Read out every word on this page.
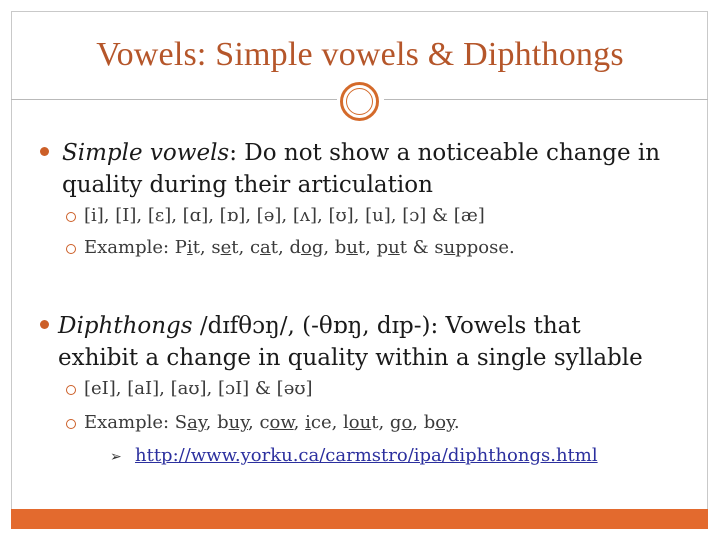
Vowels: Simple vowels & Diphthongs
Simple vowels: Do not show a noticeable change in
quality during their articulation
[i], [I], [ɛ], [ɑ], [ɒ], [ə], [ʌ], [ʊ], [u], [ɔ] & [æ]
Example: Pit, set, cat, dog, but, put & suppose.
Diphthongs /dɪfθɔŋ/, (-θɒŋ, dɪp-): Vowels that
exhibit a change in quality within a single syllable
[eI], [aI], [aʊ], [ɔI] & [əʊ]
Example: Say, buy, cow, ice, lout, go, boy.
➢ http://www.yorku.ca/carmstro/ipa/diphthongs.html
